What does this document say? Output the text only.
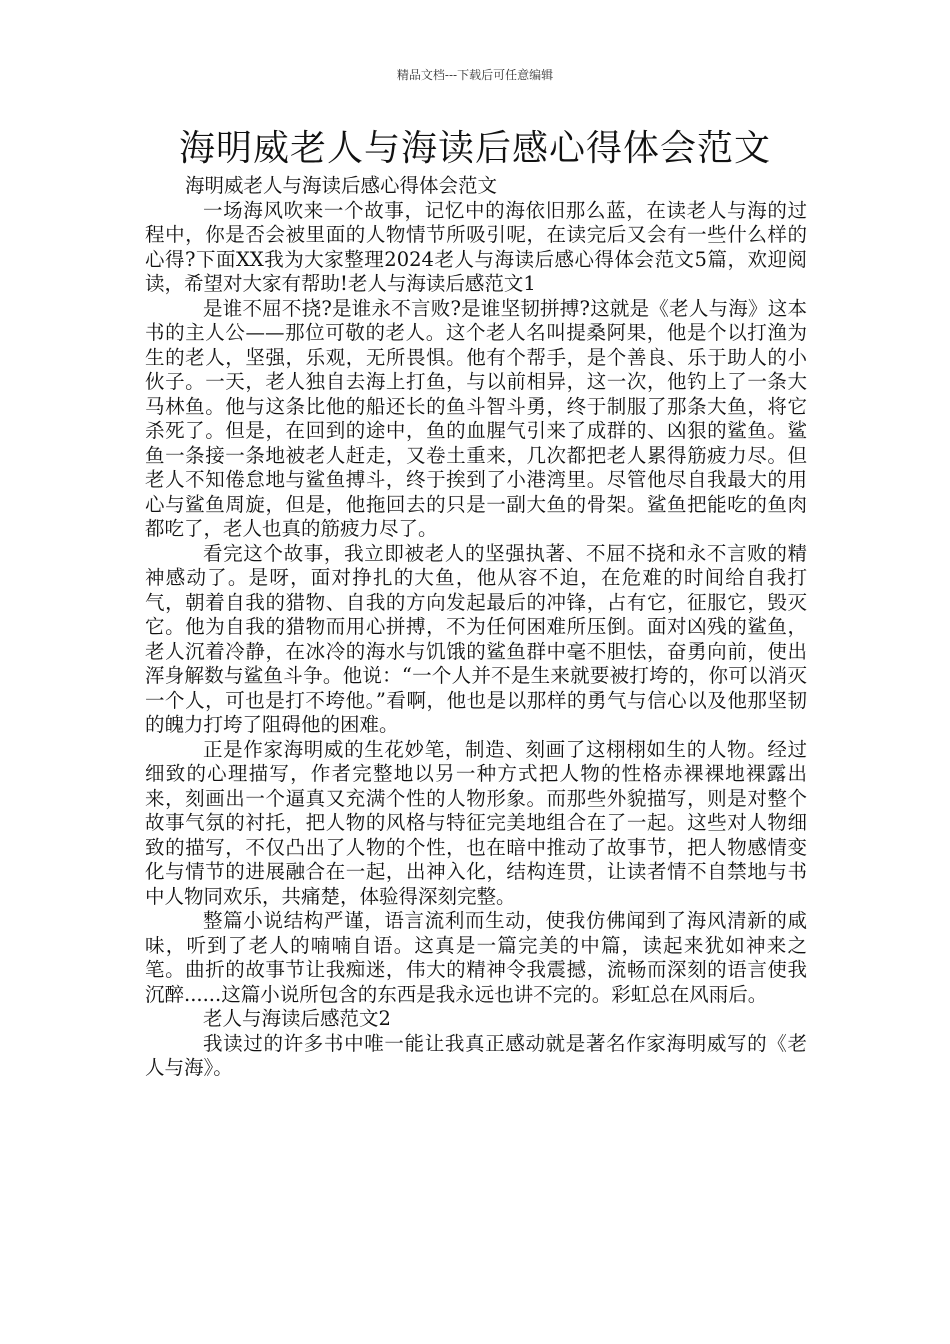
精品文档---下载后可任意编辑
海明威老人与海读后感心得体会范文

海明威老人与海读后感心得体会范文

一场海风吹来一个故事，记忆中的海依旧那么蓝，在读老人与海的过程中，你是否会被里面的人物情节所吸引呢，在读完后又会有一些什么样的心得?下面XX我为大家整理2024老人与海读后感心得体会范文5篇，欢迎阅读，希望对大家有帮助!老人与海读后感范文1

是谁不屈不挠?是谁永不言败?是谁坚韧拼搏?这就是《老人与海》这本书的主人公——那位可敬的老人。这个老人名叫提桑阿果，他是个以打渔为生的老人，坚强，乐观，无所畏惧。他有个帮手，是个善良、乐于助人的小伙子。一天，老人独自去海上打鱼，与以前相异，这一次，他钓上了一条大马林鱼。他与这条比他的船还长的鱼斗智斗勇，终于制服了那条大鱼，将它杀死了。但是，在回到的途中，鱼的血腥气引来了成群的、凶狠的鲨鱼。鲨鱼一条接一条地被老人赶走，又卷土重来，几次都把老人累得筋疲力尽。但老人不知倦怠地与鲨鱼搏斗，终于挨到了小港湾里。尽管他尽自我最大的用心与鲨鱼周旋，但是，他拖回去的只是一副大鱼的骨架。鲨鱼把能吃的鱼肉都吃了，老人也真的筋疲力尽了。

看完这个故事，我立即被老人的坚强执著、不屈不挠和永不言败的精神感动了。是呀，面对挣扎的大鱼，他从容不迫，在危难的时间给自我打气，朝着自我的猎物、自我的方向发起最后的冲锋，占有它，征服它，毁灭它。他为自我的猎物而用心拼搏，不为任何困难所压倒。面对凶残的鲨鱼，老人沉着冷静，在冰冷的海水与饥饿的鲨鱼群中毫不胆怯，奋勇向前，使出浑身解数与鲨鱼斗争。他说：“一个人并不是生来就要被打垮的，你可以消灭一个人，可也是打不垮他。”看啊，他也是以那样的勇气与信心以及他那坚韧的魄力打垮了阻碍他的困难。

正是作家海明威的生花妙笔，制造、刻画了这栩栩如生的人物。经过细致的心理描写，作者完整地以另一种方式把人物的性格赤裸裸地裸露出来，刻画出一个逼真又充满个性的人物形象。而那些外貌描写，则是对整个故事气氛的衬托，把人物的风格与特征完美地组合在了一起。这些对人物细致的描写，不仅凸出了人物的个性，也在暗中推动了故事节，把人物感情变化与情节的进展融合在一起，出神入化，结构连贯，让读者情不自禁地与书中人物同欢乐，共痛楚，体验得深刻完整。

整篇小说结构严谨，语言流利而生动，使我仿佛闻到了海风清新的咸味，听到了老人的喃喃自语。这真是一篇完美的中篇，读起来犹如神来之笔。曲折的故事节让我痴迷，伟大的精神令我震撼，流畅而深刻的语言使我沉醉......这篇小说所包含的东西是我永远也讲不完的。彩虹总在风雨后。

老人与海读后感范文2

我读过的许多书中唯一能让我真正感动就是著名作家海明威写的《老人与海》。
